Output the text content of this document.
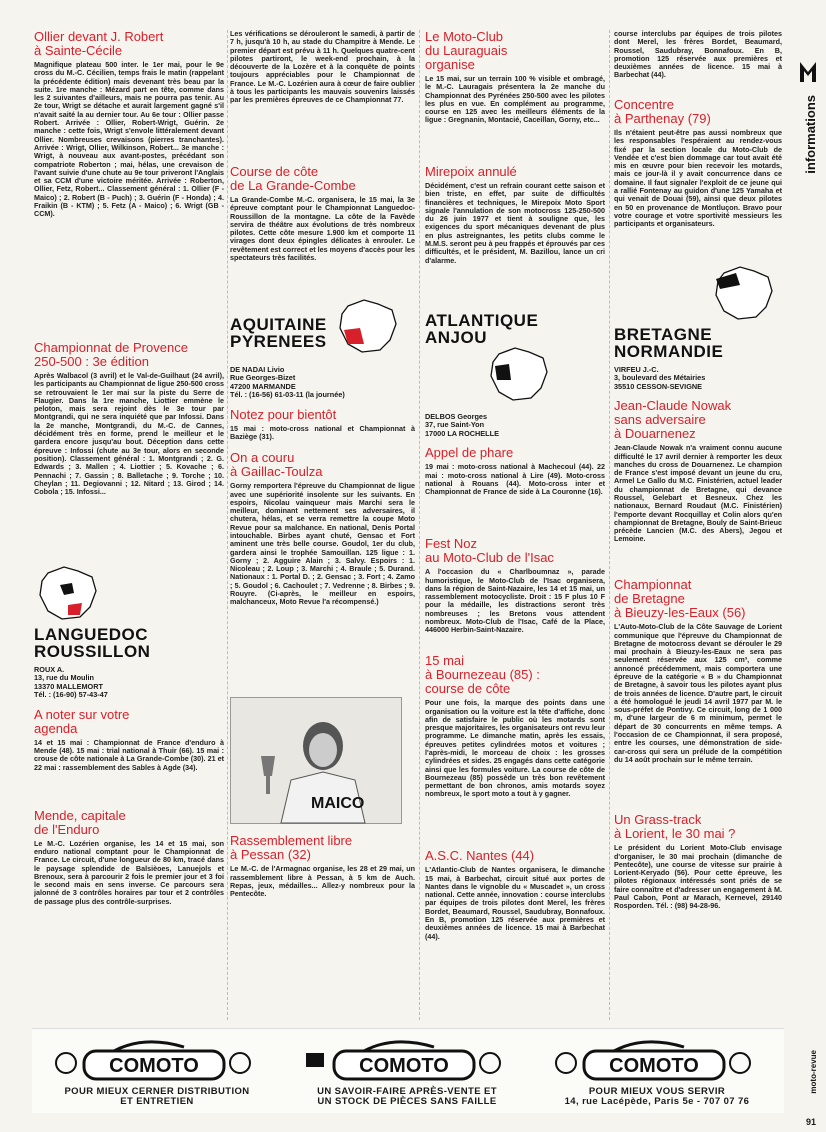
Ollier devant J. Robert
à Sainte-Cécile

Magnifique plateau 500 inter. le 1er mai, pour le 9e cross du M.-C. Cécilien, temps frais le matin (rappelant la précédente édition) mais devenant très beau par la suite. 1re manche : Mézard part en tête, comme dans les 2 suivantes d'ailleurs, mais ne pourra pas tenir. Au 2e tour, Wrigt se détache et aurait largement gagné s'il n'avait saité la au dernier tour. Au 6e tour : Ollier passe Robert. Arrivée : Ollier, Robert-Wrigt, Guérin. 2e manche : cette fois, Wrigt s'envole littéralement devant Ollier. Nombreuses crevaisons (pierres tranchantes). Arrivée : Wrigt, Ollier, Wilkinson, Robert... 3e manche : Wrigt, à nouveau aux avant-postes, précédant son compatriote Roberton ; mai, hélas, une crevaison de l'avant suivie d'une chute au 9e tour priveront l'Anglais et sa CCM d'une victoire méritée. Arrivée : Roberton, Ollier, Fetz, Robert... Classement général : 1. Ollier (F - Maico) ; 2. Robert (B - Puch) ; 3. Guérin (F - Honda) ; 4. Fraikin (B - KTM) ; 5. Fetz (A - Maico) ; 6. Wrigt (GB - CCM).

Championnat de Provence
250-500 : 3e édition

Après Walbacol (3 avril) et le Val-de-Guilhaut (24 avril), les participants au Championnat de ligue 250-500 cross se retrouvaient le 1er mai sur la piste du Serre de Flaugier. Dans la 1re manche, Liottier emmène le peloton, mais sera rejoint dès le 3e tour par Montgrandi, qui ne sera inquiété que par Infossi. Dans la 2e manche, Montgrandi, du M.-C. de Cannes, décidément très en forme, prend le meilleur et le gardera encore jusqu'au bout. Déception dans cette épreuve : Infossi (chute au 3e tour, alors en seconde position). Classement général : 1. Montgrandi ; 2. G. Edwards ; 3. Mallen ; 4. Liottier ; 5. Kovache ; 6. Pennachi ; 7. Gassin ; 8. Balletache ; 9. Torche ; 10. Cheylan ; 11. Degiovanni ; 12. Nitard ; 13. Girod ; 14. Cobola ; 15. Infossi...

LANGUEDOC
ROUSSILLON
ROUX A.
13, rue du Moulin
13370 MALLEMORT
Tél. : (16-90) 57-43-47
A noter sur votre
agenda

14 et 15 mai : Championnat de France d'enduro à Mende (48). 15 mai : trial national à Thuir (66). 15 mai : crouse de côte nationale à La Grande-Combe (30). 21 et 22 mai : rassemblement des Sables à Agde (34).

Mende, capitale
de l'Enduro

Le M.-C. Lozérien organise, les 14 et 15 mai, son enduro national comptant pour le Championnat de France. Le circuit, d'une longueur de 80 km, tracé dans le paysage splendide de Balsièoes, Lanuejols et Brenoux, sera à parcourir 2 fois le premier jour et 3 foi le second mais en sens inverse. Ce parcours sera jalonné de 3 contrôles horaires par tour et 2 contrôles de passage plus des contrôle-surprises.

Les vérifications se dérouleront le samedi, à partir de 7 h, jusqu'à 10 h, au stade du Champitre à Mende. Le premier départ est prévu à 11 h. Quelques quatre-cent pilotes partiront, le week-end prochain, à la découverte de la Lozère et à la conquête de points toujours appréciables pour le Championnat de France. Le M.-C. Lozérien aura à cœur de faire oublier à tous les participants les mauvais souvenirs laissés par les premières épreuves de ce Championnat 77.

Course de côte
de La Grande-Combe

La Grande-Combe M.-C. organisera, le 15 mai, la 3e épreuve comptant pour le Championnat Languedoc-Roussillon de la montagne. La côte de la Favède servira de théâtre aux évolutions de très nombreux pilotes. Cette côte mesure 1.900 km et comporte 11 virages dont deux épingles délicates à enrouler. Le revêtement est correct et les moyens d'accès pour les spectateurs très facilités.

AQUITAINE
PYRENEES
DE NADAI Livio
Rue Georges-Bizet
47200 MARMANDE
Tél. : (16-56) 61-03-11 (la journée)
Notez pour bientôt

15 mai : moto-cross national et Championnat à Baziège (31).

On a couru
à Gaillac-Toulza

Gorny remportera l'épreuve du Championnat de ligue avec une supériorité insolente sur les suivants. En espoirs, Nicolau vainqueur mais Marchi sera le meilleur, dominant nettement ses adversaires, il chutera, hélas, et se verra remettre la coupe Moto Revue pour sa malchance. En national, Denis Portal intouchable. Birbes ayant chuté, Gensac et Fort aminent une très belle course. Goudol, 1er du club, gardera ainsi le trophée Samouillan. 125 ligue : 1. Gorny ; 2. Agguire Alain ; 3. Salvy. Espoirs : 1. Nicoleau ; 2. Loup ; 3. Marchi ; 4. Braule ; 5. Durand. Nationaux : 1. Portal D. ; 2. Gensac ; 3. Fort ; 4. Zamo ; 5. Goudol ; 6. Cachoulet ; 7. Vedrenne ; 8. Birbes ; 9. Rouyre. (Ci-après, le meilleur en espoirs, malchanceux, Moto Revue l'a récompensé.)

MAICO
Rassemblement libre
à Pessan (32)

Le M.-C. de l'Armagnac organise, les 28 et 29 mai, un rassemblement libre à Pessan, à 5 km de Auch. Repas, jeux, médailles... Allez-y nombreux pour la Pentecôte.

Le Moto-Club
du Lauraguais
organise

Le 15 mai, sur un terrain 100 % visible et ombragé, le M.-C. Lauragais présentera la 2e manche du Championnat des Pyrénées 250-500 avec les pilotes les plus en vue. En complément au programme, course en 125 avec les meilleurs éléments de la ligue : Gregnanin, Montacié, Caceillan, Gorny, etc...

Mirepoix annulé

Décidément, c'est un refrain courant cette saison et bien triste, en effet, par suite de difficultés financières et techniques, le Mirepoix Moto Sport signale l'annulation de son motocross 125-250-500 du 26 juin 1977 et tient à souligne que, les exigences du sport mécaniques devenant de plus en plus astreignantes, les petits clubs comme le M.M.S. seront peu à peu frappés et éprouvés par ces difficultés, et le président, M. Bazillou, lance un cri d'alarme.

ATLANTIQUE
ANJOU
DELBOS Georges
37, rue Saint-Yon
17000 LA ROCHELLE
Appel de phare

19 mai : moto-cross national à Machecoul (44). 22 mai : moto-cross national à Lire (49). Moto-cross national à Rouans (44). Moto-cross inter et Championnat de France de side à La Couronne (16).

Fest Noz
au Moto-Club de l'Isac

A l'occasion du « Charlboumnaz », parade humoristique, le Moto-Club de l'Isac organisera, dans la région de Saint-Nazaire, les 14 et 15 mai, un rassemblement motocycliste. Droit : 15 F plus 10 F pour la médaille, les distractions seront très nombreuses ; les Bretons vous attendent nombreux. Moto-Club de l'Isac, Café de la Place, 446000 Herbin-Saint-Nazaire.

15 mai
à Bournezeau (85) :
course de côte

Pour une fois, la marque des points dans une organisation ou la voiture est la tête d'affiche, donc afin de satisfaire le public où les motards sont presque majoritaires, les organisateurs ont revu leur programme. Le dimanche matin, après les essais, épreuves petites cylindrées motos et voitures ; l'après-midi, le morceau de choix : les grosses cylindrées et sides. 25 engagés dans cette catégorie ainsi que les formules voiture. La course de côte de Bournezeau (85) possède un très bon revêtement permettant de bon chronos, amis motards soyez nombreux, le sport moto a tout à y gagner.

A.S.C. Nantes (44)

L'Atlantic-Club de Nantes organisera, le dimanche 15 mai, à Barbechat, circuit situé aux portes de Nantes dans le vignoble du « Muscadet », un cross national. Cette année, innovation : course interclubs par équipes de trois pilotes dont Merel, les frères Bordet, Beaumard, Roussel, Saudubray, Bonnafoux. En B, promotion 125 réservée aux premières et deuxièmes années de licence. 15 mai à Barbechat (44).

course interclubs par équipes de trois pilotes dont Merel, les frères Bordet, Beaumard, Roussel, Saudubray, Bonnafoux. En B, promotion 125 réservée aux premières et deuxièmes années de licence. 15 mai à Barbechat (44).

Concentre
à Parthenay (79)

Ils n'étaient peut-être pas aussi nombreux que les responsables l'espéraient au rendez-vous fixé par la section locale du Moto-Club de Vendée et c'est bien dommage car tout avait été mis en œuvre pour bien recevoir les motards, mais ce jour-là il y avait concurrence dans ce domaine. Il faut signaler l'exploit de ce jeune qui a rallié Fontenay au guidon d'une 125 Yamaha et qui venait de Douai (59), ainsi que deux pilotes en 50 en provenance de Montluçon. Bravo pour votre courage et votre sportivité messieurs les participants et organisateurs.

BRETAGNE
NORMANDIE
VIRFEU J.-C.
3, boulevard des Métairies
35510 CESSON-SEVIGNE
Jean-Claude Nowak
sans adversaire
à Douarnenez

Jean-Claude Nowak n'a vraiment connu aucune difficulté le 17 avril dernier à remporter les deux manches du cross de Douarnenez. Le champion de France s'est imposé devant un jeune du cru, Armel Le Gallo du M.C. Finistérien, actuel leader du championnat de Bretagne, qui devance Roussel, Gelebart et Besneux. Chez les nationaux, Bernard Roudaut (M.C. Finistérien) l'emporte devant Rocquillay et Colin alors qu'en championnat de Bretagne, Bouly de Saint-Brieuc précède Lancien (M.C. des Abers), Jegou et Lemoine.

Championnat
de Bretagne
à Bieuzy-les-Eaux (56)

L'Auto-Moto-Club de la Côte Sauvage de Lorient communique que l'épreuve du Championnat de Bretagne de motocross devant se dérouler le 29 mai prochain à Bieuzy-les-Eaux ne sera pas seulement réservée aux 125 cm³, comme annoncé précédemment, mais comportera une épreuve de la catégorie « B » du Championnat de Bretagne, à savoir tous les pilotes ayant plus de trois années de licence. D'autre part, le circuit a été homologué le jeudi 14 avril 1977 par M. le sous-préfet de Pontivy. Ce circuit, long de 1 000 m, d'une largeur de 6 m minimum, permet le départ de 30 concurrents en même temps. A l'occasion de ce Championnat, il sera proposé, entre les courses, une démonstration de side-car-cross qui sera un prélude de la compétition du 14 août prochain sur le même terrain.

Un Grass-track
à Lorient, le 30 mai ?

Le président du Lorient Moto-Club envisage d'organiser, le 30 mai prochain (dimanche de Pentecôte), une course de vitesse sur prairie à Lorient-Keryado (56). Pour cette épreuve, les pilotes régionaux intéressés sont priés de se faire connaître et d'adresser un engagement à M. Paul Cabon, Pont ar Marach, Kernevel, 29140 Rosporden. Tél. : (98) 94-28-96.

informations
COMOTO
POUR MIEUX CERNER DISTRIBUTION
ET ENTRETIEN
COMOTO
UN SAVOIR-FAIRE APRÈS-VENTE ET
UN STOCK DE PIÈCES SANS FAILLE
COMOTO
POUR MIEUX VOUS SERVIR
14, rue Lacépède, Paris 5e - 707 07 76
moto-revue
91
